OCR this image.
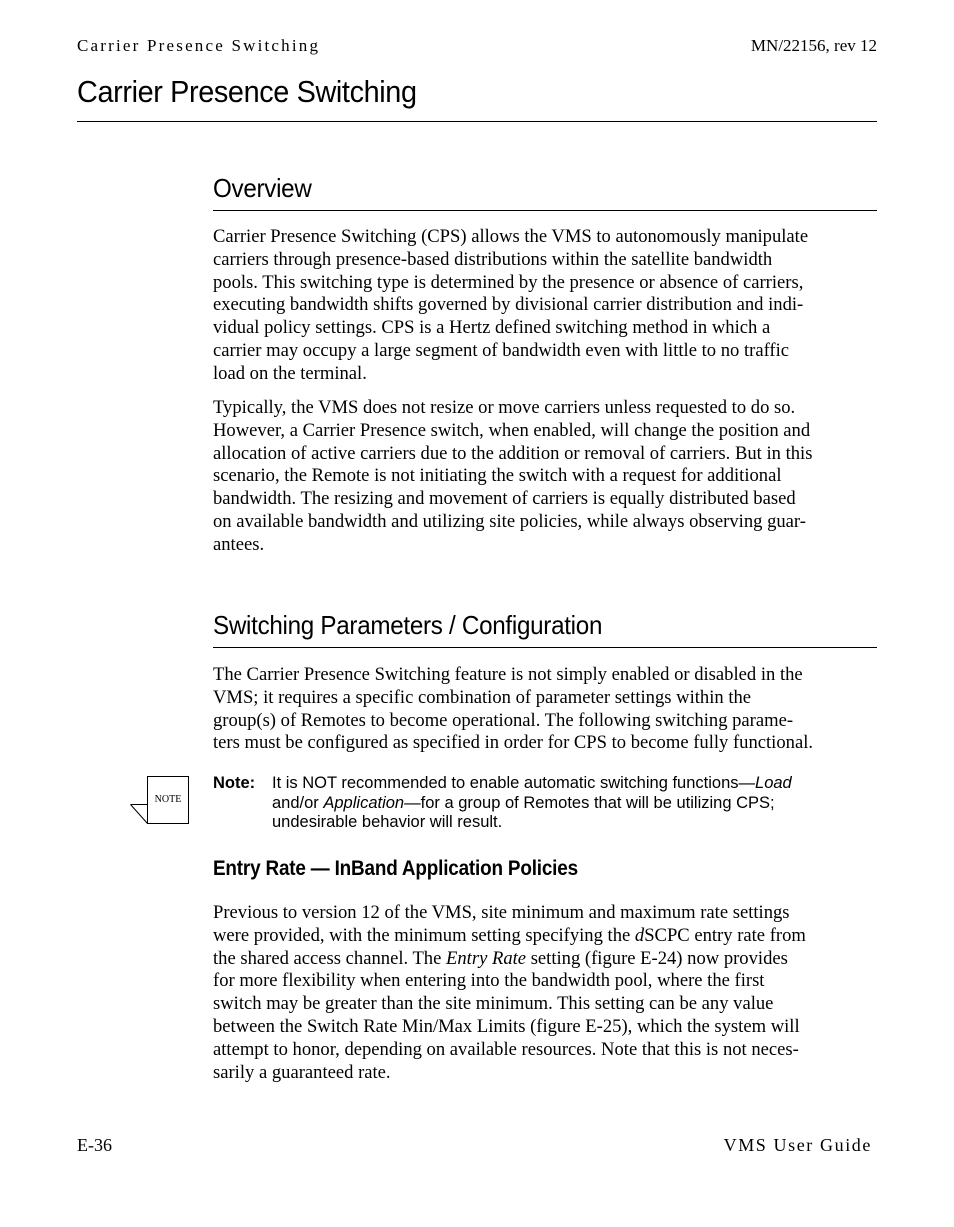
Carrier Presence Switching	MN/22156, rev 12
Carrier Presence Switching
Overview

Carrier Presence Switching (CPS) allows the VMS to autonomously manipulate
carriers through presence-based distributions within the satellite bandwidth
pools. This switching type is determined by the presence or absence of carriers,
executing bandwidth shifts governed by divisional carrier distribution and indi-
vidual policy settings. CPS is a Hertz defined switching method in which a
carrier may occupy a large segment of bandwidth even with little to no traffic
load on the terminal.

Typically, the VMS does not resize or move carriers unless requested to do so.
However, a Carrier Presence switch, when enabled, will change the position and
allocation of active carriers due to the addition or removal of carriers. But in this
scenario, the Remote is not initiating the switch with a request for additional
bandwidth. The resizing and movement of carriers is equally distributed based
on available bandwidth and utilizing site policies, while always observing guar-
antees.

Switching Parameters / Configuration

The Carrier Presence Switching feature is not simply enabled or disabled in the
VMS; it requires a specific combination of parameter settings within the
group(s) of Remotes to become operational. The following switching parame-
ters must be configured as specified in order for CPS to become fully functional.

NOTE
Note: It is NOT recommended to enable automatic switching functions—Load
and/or Application—for a group of Remotes that will be utilizing CPS;
undesirable behavior will result.

Entry Rate — InBand Application Policies

Previous to version 12 of the VMS, site minimum and maximum rate settings
were provided, with the minimum setting specifying the dSCPC entry rate from
the shared access channel. The Entry Rate setting (figure E-24) now provides
for more flexibility when entering into the bandwidth pool, where the first
switch may be greater than the site minimum. This setting can be any value
between the Switch Rate Min/Max Limits (figure E-25), which the system will
attempt to honor, depending on available resources. Note that this is not neces-
sarily a guaranteed rate.

E-36	VMS User Guide
